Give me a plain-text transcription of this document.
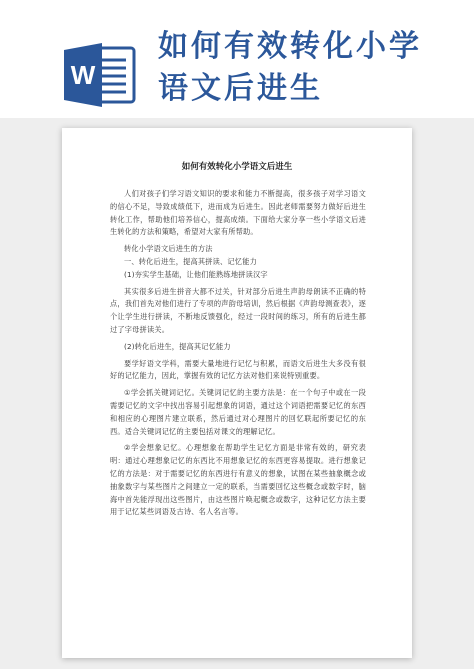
W
如何有效转化小学
语文后进生
如何有效转化小学语文后进生

人们对孩子们学习语文知识的要求和能力不断提高，很多孩子对学习语文的信心不足，导致成绩低下，进而成为后进生。因此老师需要努力做好后进生转化工作，帮助他们培养信心，提高成绩。下面给大家分享一些小学语文后进生转化的方法和策略，希望对大家有所帮助。

转化小学语文后进生的方法

一、转化后进生，提高其拼读、记忆能力

(1)夯实学生基础，让他们能熟练地拼读汉字

其实很多后进生拼音大都不过关，针对部分后进生声韵母朗读不正确的特点，我们首先对他们进行了专项的声韵母培训，然后根据《声韵母测查表》，逐个让学生进行拼读，不断地反馈强化，经过一段时间的练习，所有的后进生都过了字母拼读关。

(2)转化后进生，提高其记忆能力

要学好语文学科，需要大量地进行记忆与积累，而语文后进生大多没有很好的记忆能力，因此，掌握有效的记忆方法对他们来说特别重要。

①学会抓关键词记忆。关键词记忆的主要方法是：在一个句子中或在一段需要记忆的文字中找出容易引起想象的词语，通过这个词语把需要记忆的东西和相应的心理图片建立联系，然后通过对心理图片的回忆联起所要记忆的东西。适合关键词记忆的主要包括对课文的理解记忆。

②学会想象记忆。心理想象在帮助学生记忆方面是非常有效的，研究表明：通过心理想象记忆的东西比不用想象记忆的东西更容易提取。进行想象记忆的方法是：对于需要记忆的东西进行有意义的想象，试图在某些抽象概念或抽象数字与某些图片之间建立一定的联系，当需要回忆这些概念或数字时，脑海中首先能浮现出这些图片，由这些图片唤起概念或数字，这种记忆方法主要用于记忆某些词语及古诗、名人名言等。
